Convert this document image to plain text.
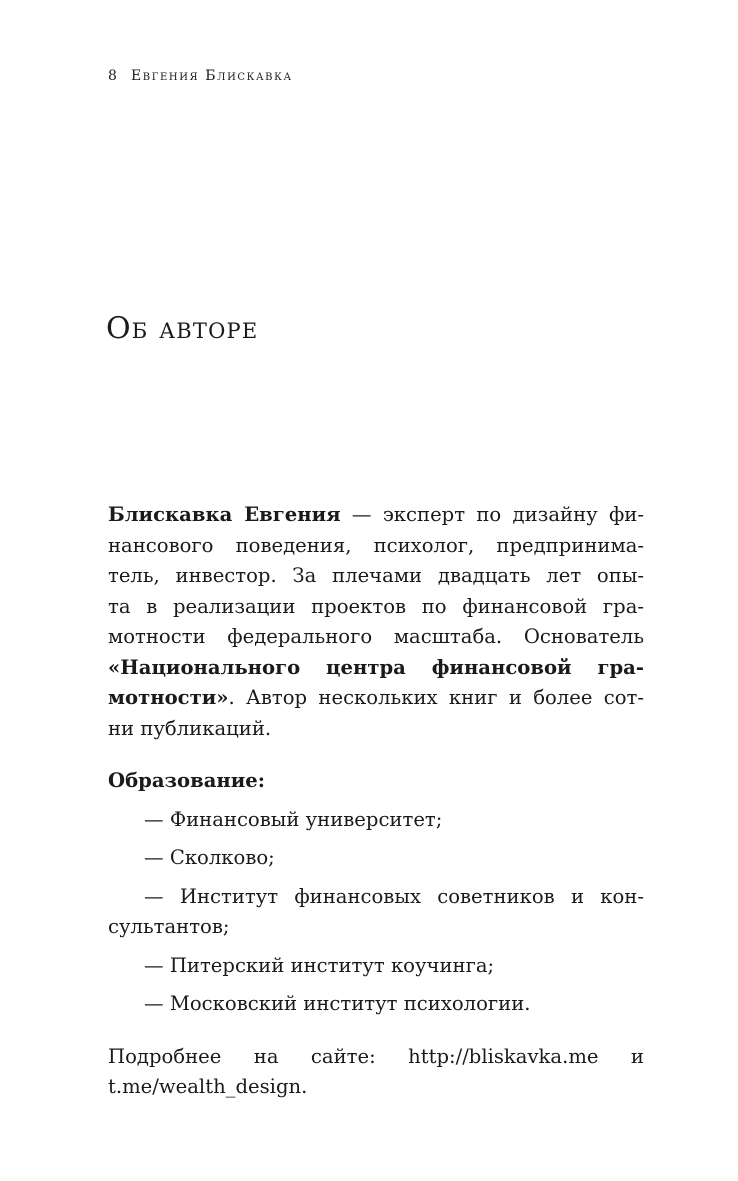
8 Евгения Блискавка
Об авторе

Блискавка Евгения — эксперт по дизайну фи-
нансового поведения, психолог, предпринима-
тель, инвестор. За плечами двадцать лет опы-
та в реализации проектов по финансовой гра-
мотности федерального масштаба. Основатель
«Национального центра финансовой гра-
мотности». Автор нескольких книг и более сот-
ни публикаций.

Образование:

— Финансовый университет;
— Сколково;
— Институт финансовых советников и кон-
сультантов;
— Питерский институт коучинга;
— Московский институт психологии.

Подробнее на сайте: http://bliskavka.me и
t.me/wealth_design.
